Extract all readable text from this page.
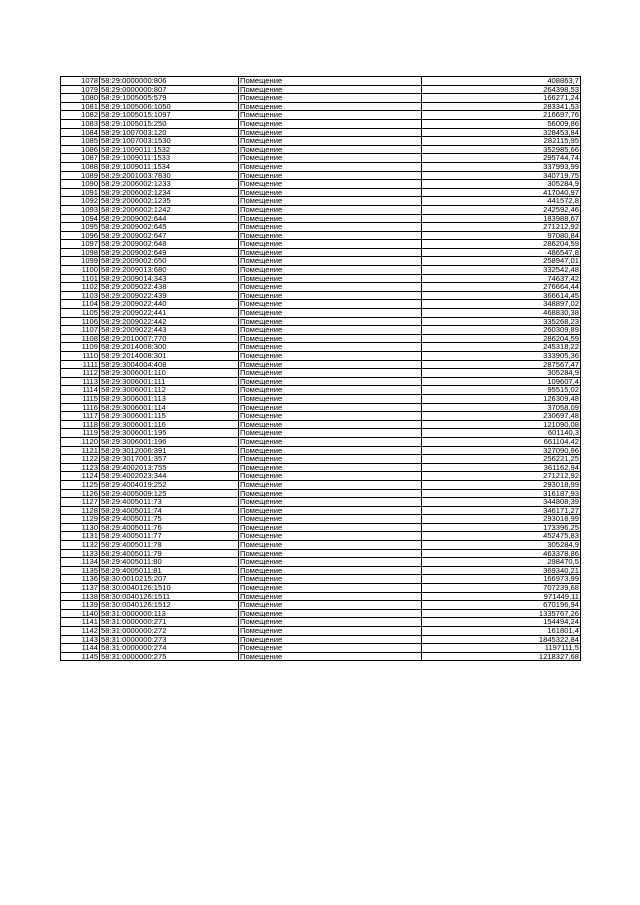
1078	58:29:0000000:806	Помещение	408863,7
1079	58:29:0000000:807	Помещение	264398,53
1080	58:29:1005005:579	Помещение	166271,24
1081	58:29:1005006:1050	Помещение	283341,53
1082	58:29:1005015:1097	Помещение	216697,76
1083	58:29:1005015:250	Помещение	56009,86
1084	58:29:1007003:120	Помещение	328453,84
1085	58:29:1007003:1530	Помещение	282115,95
1086	58:29:1009011:1532	Помещение	352985,66
1087	58:29:1009011:1533	Помещение	295744,74
1088	58:29:1009011:1534	Помещение	337993,99
1089	58:29:2001003:7830	Помещение	340719,75
1090	58:29:2006002:1233	Помещение	305284,9
1091	58:29:2006002:1234	Помещение	417040,97
1092	58:29:2006002:1235	Помещение	441572,8
1093	58:29:2006002:1242	Помещение	242592,46
1094	58:29:2009002:644	Помещение	183988,67
1095	58:29:2009002:645	Помещение	271212,92
1096	58:29:2009002:647	Помещение	97080,84
1097	58:29:2009002:648	Помещение	286204,59
1098	58:29:2009002:649	Помещение	486547,8
1099	58:29:2009002:650	Помещение	258947,01
1100	58:29:2009013:680	Помещение	332542,48
1101	58:29:2009014:343	Помещение	74637,42
1102	58:29:2009022:438	Помещение	276664,44
1103	58:29:2009022:439	Помещение	366614,45
1104	58:29:2009022:440	Помещение	348897,02
1105	58:29:2009022:441	Помещение	468830,38
1106	58:29:2009022:442	Помещение	335268,23
1107	58:29:2009022:443	Помещение	260309,89
1108	58:29:2010007:770	Помещение	286204,59
1109	58:29:2014008:300	Помещение	245318,22
1110	58:29:2014008:301	Помещение	333905,36
1111	58:29:3004004:408	Помещение	287567,47
1112	58:29:3006001:110	Помещение	305284,9
1113	58:29:3006001:111	Помещение	109607,4
1114	58:29:3006001:112	Помещение	95515,02
1115	58:29:3006001:113	Помещение	126309,48
1116	58:29:3006001:114	Помещение	37058,09
1117	58:29:3006001:115	Помещение	230697,48
1118	58:29:3006001:116	Помещение	121090,08
1119	58:29:3006001:195	Помещение	601140,3
1120	58:29:3006001:196	Помещение	661104,42
1121	58:29:3012006:391	Помещение	327090,96
1122	58:29:3017001:357	Помещение	256221,25
1123	58:29:4002013:755	Помещение	361162,94
1124	58:29:4002023:344	Помещение	271212,92
1125	58:29:4004019:252	Помещение	293018,99
1126	58:29:4005009:125	Помещение	316187,93
1127	58:29:4005011:73	Помещение	344808,39
1128	58:29:4005011:74	Помещение	346171,27
1129	58:29:4005011:75	Помещение	293018,99
1130	58:29:4005011:76	Помещение	173396,25
1131	58:29:4005011:77	Помещение	452475,83
1132	58:29:4005011:78	Помещение	305284,9
1133	58:29:4005011:79	Помещение	463378,86
1134	58:29:4005011:80	Помещение	298470,5
1135	58:29:4005011:81	Помещение	369340,21
1136	58:30:0010215:207	Помещение	166973,99
1137	58:30:0040126:1510	Помещение	707239,68
1138	58:30:0040126:1511	Помещение	971449,11
1139	58:30:0040126:1512	Помещение	670196,94
1140	58:31:0000000:113	Помещение	1335767,26
1141	58:31:0000000:271	Помещение	154494,24
1142	58:31:0000000:272	Помещение	161801,4
1143	58:31:0000000:273	Помещение	1845322,84
1144	58:31:0000000:274	Помещение	1197111,5
1145	58:31:0000000:275	Помещение	1218327,68
